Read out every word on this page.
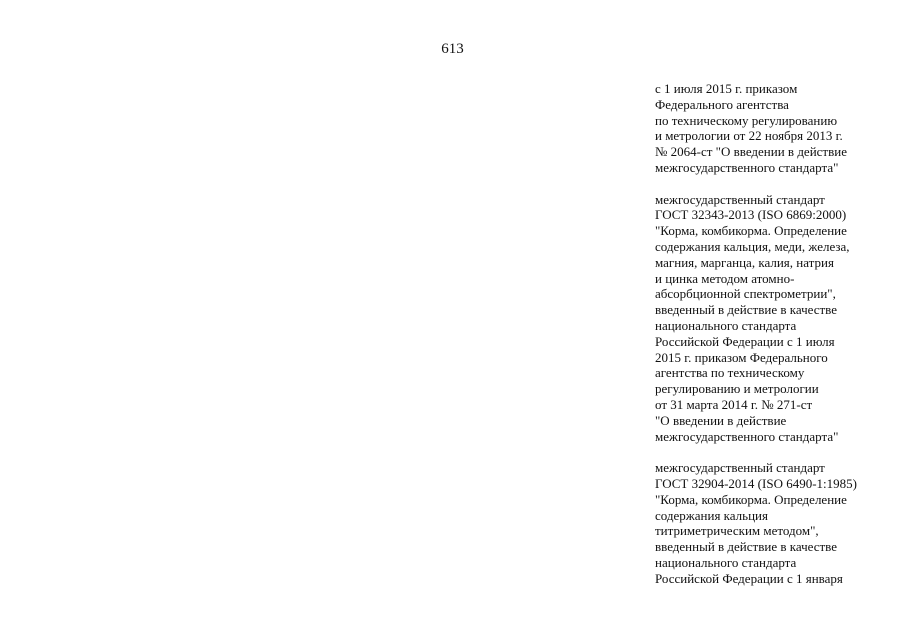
613

с 1 июля 2015 г. приказом
Федерального агентства
по техническому регулированию
и метрологии от 22 ноября 2013 г.
№ 2064-ст "О введении в действие
межгосударственного стандарта"

межгосударственный стандарт
ГОСТ 32343-2013 (ISO 6869:2000)
"Корма, комбикорма. Определение
содержания кальция, меди, железа,
магния, марганца, калия, натрия
и цинка методом атомно-
абсорбционной спектрометрии",
введенный в действие в качестве
национального стандарта
Российской Федерации с 1 июля
2015 г. приказом Федерального
агентства по техническому
регулированию и метрологии
от 31 марта 2014 г. № 271-ст
"О введении в действие
межгосударственного стандарта"

межгосударственный стандарт
ГОСТ 32904-2014 (ISO 6490-1:1985)
"Корма, комбикорма. Определение
содержания кальция
титриметрическим методом",
введенный в действие в качестве
национального стандарта
Российской Федерации с 1 января
